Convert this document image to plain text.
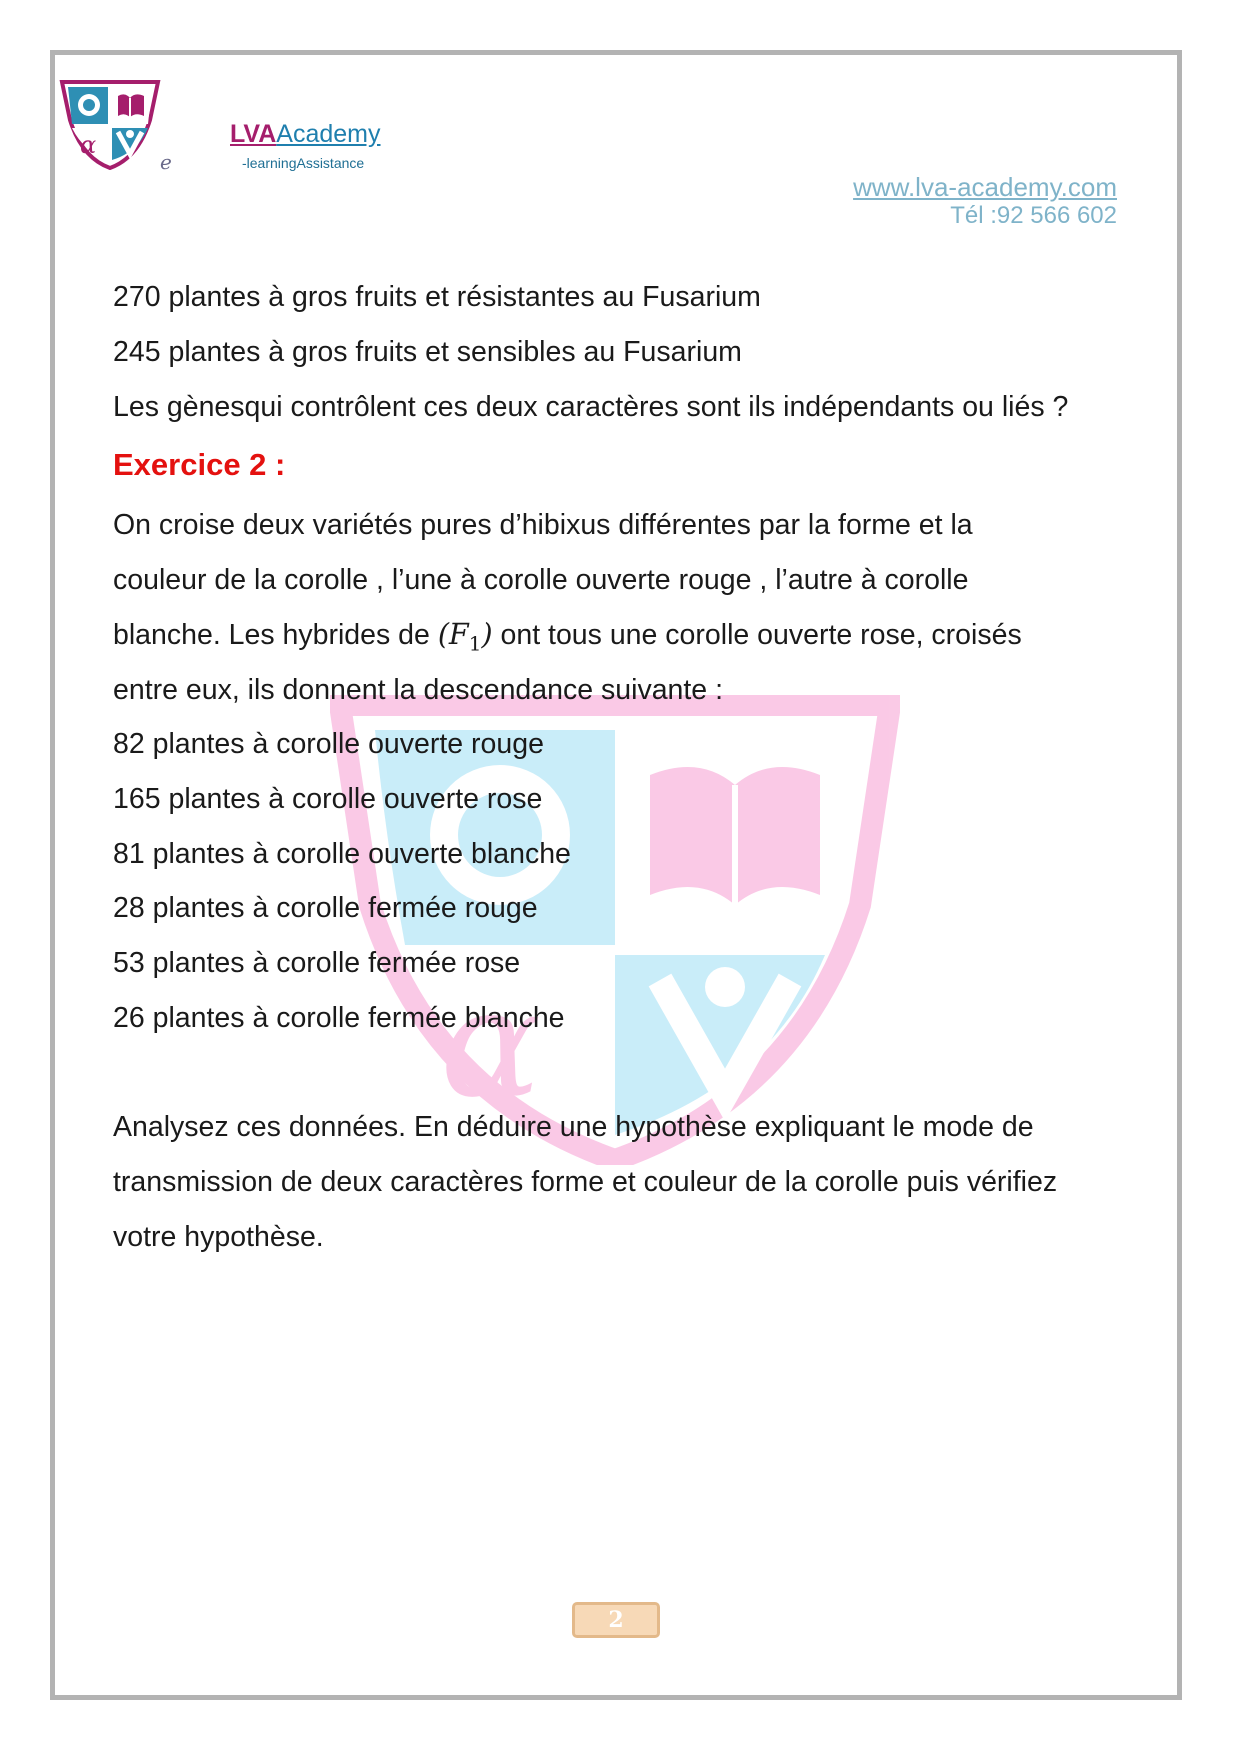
α
e
LVAAcademy
-learningAssistance
www.lva-academy.com
Tél :92 566 602
α
270 plantes à gros fruits et résistantes au Fusarium
245 plantes à gros fruits et sensibles au Fusarium
Les gènesqui contrôlent ces deux caractères sont ils indépendants ou liés ?
Exercice 2 :
On croise deux variétés pures d’hibixus différentes par la forme et la
couleur de la corolle , l’une à corolle ouverte rouge , l’autre à corolle
blanche. Les hybrides de $(F_1)$ ont tous une corolle ouverte rose, croisés
entre eux, ils donnent la descendance suivante :
82 plantes à corolle ouverte rouge
165 plantes à corolle ouverte rose
81 plantes à corolle ouverte blanche
28 plantes à corolle fermée rouge
53 plantes à corolle fermée rose
26 plantes à corolle fermée blanche
Analysez ces données. En déduire une hypothèse expliquant le mode de
transmission de deux caractères forme et couleur de la corolle puis vérifiez
votre hypothèse.
2
